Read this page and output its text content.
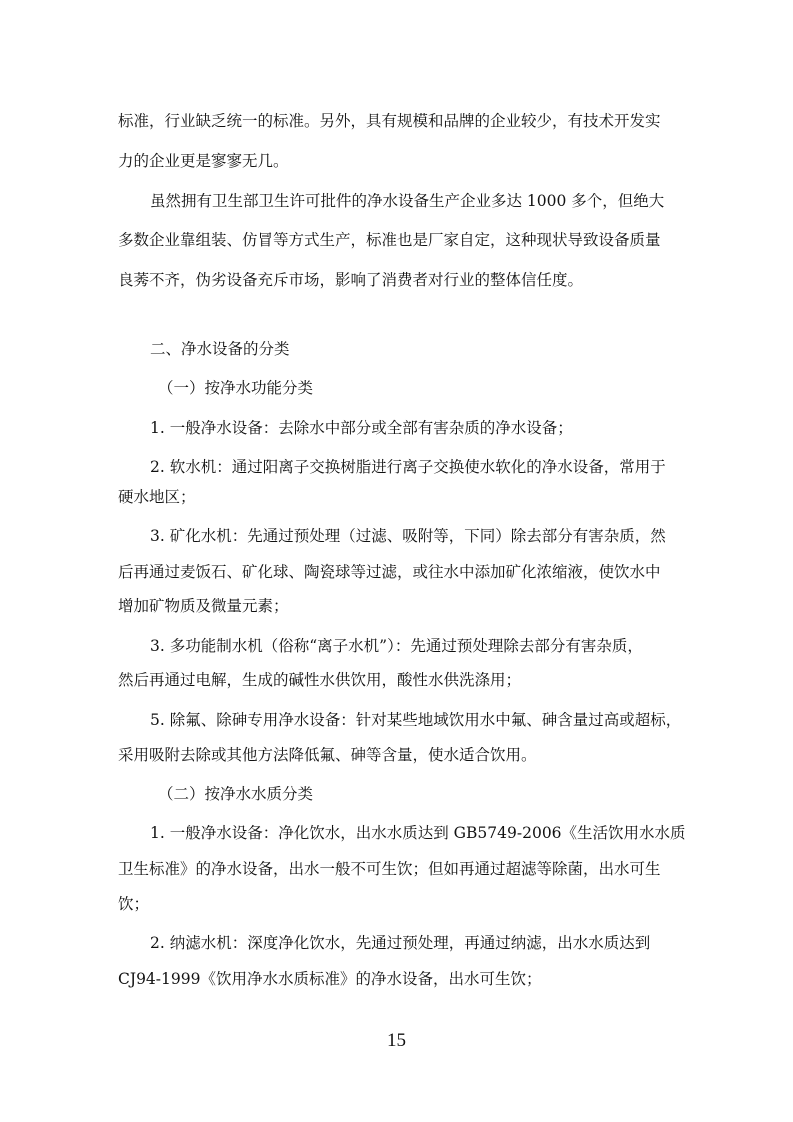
标准，行业缺乏统一的标准。另外，具有规模和品牌的企业较少，有技术开发实
力的企业更是寥寥无几。
虽然拥有卫生部卫生许可批件的净水设备生产企业多达 1000 多个，但绝大
多数企业靠组装、仿冒等方式生产，标准也是厂家自定，这种现状导致设备质量
良莠不齐，伪劣设备充斥市场，影响了消费者对行业的整体信任度。
二、净水设备的分类
（一）按净水功能分类
1. 一般净水设备：去除水中部分或全部有害杂质的净水设备；
2. 软水机：通过阳离子交换树脂进行离子交换使水软化的净水设备，常用于
硬水地区；
3. 矿化水机：先通过预处理（过滤、吸附等，下同）除去部分有害杂质，然
后再通过麦饭石、矿化球、陶瓷球等过滤，或往水中添加矿化浓缩液，使饮水中
增加矿物质及微量元素；
3. 多功能制水机（俗称“离子水机”）：先通过预处理除去部分有害杂质，
然后再通过电解，生成的碱性水供饮用，酸性水供洗涤用；
5. 除氟、除砷专用净水设备：针对某些地域饮用水中氟、砷含量过高或超标，
采用吸附去除或其他方法降低氟、砷等含量，使水适合饮用。
（二）按净水水质分类
1. 一般净水设备：净化饮水，出水水质达到 GB5749-2006《生活饮用水水质
卫生标准》的净水设备，出水一般不可生饮；但如再通过超滤等除菌，出水可生
饮；
2. 纳滤水机：深度净化饮水，先通过预处理，再通过纳滤，出水水质达到
CJ94-1999《饮用净水水质标准》的净水设备，出水可生饮；
15
